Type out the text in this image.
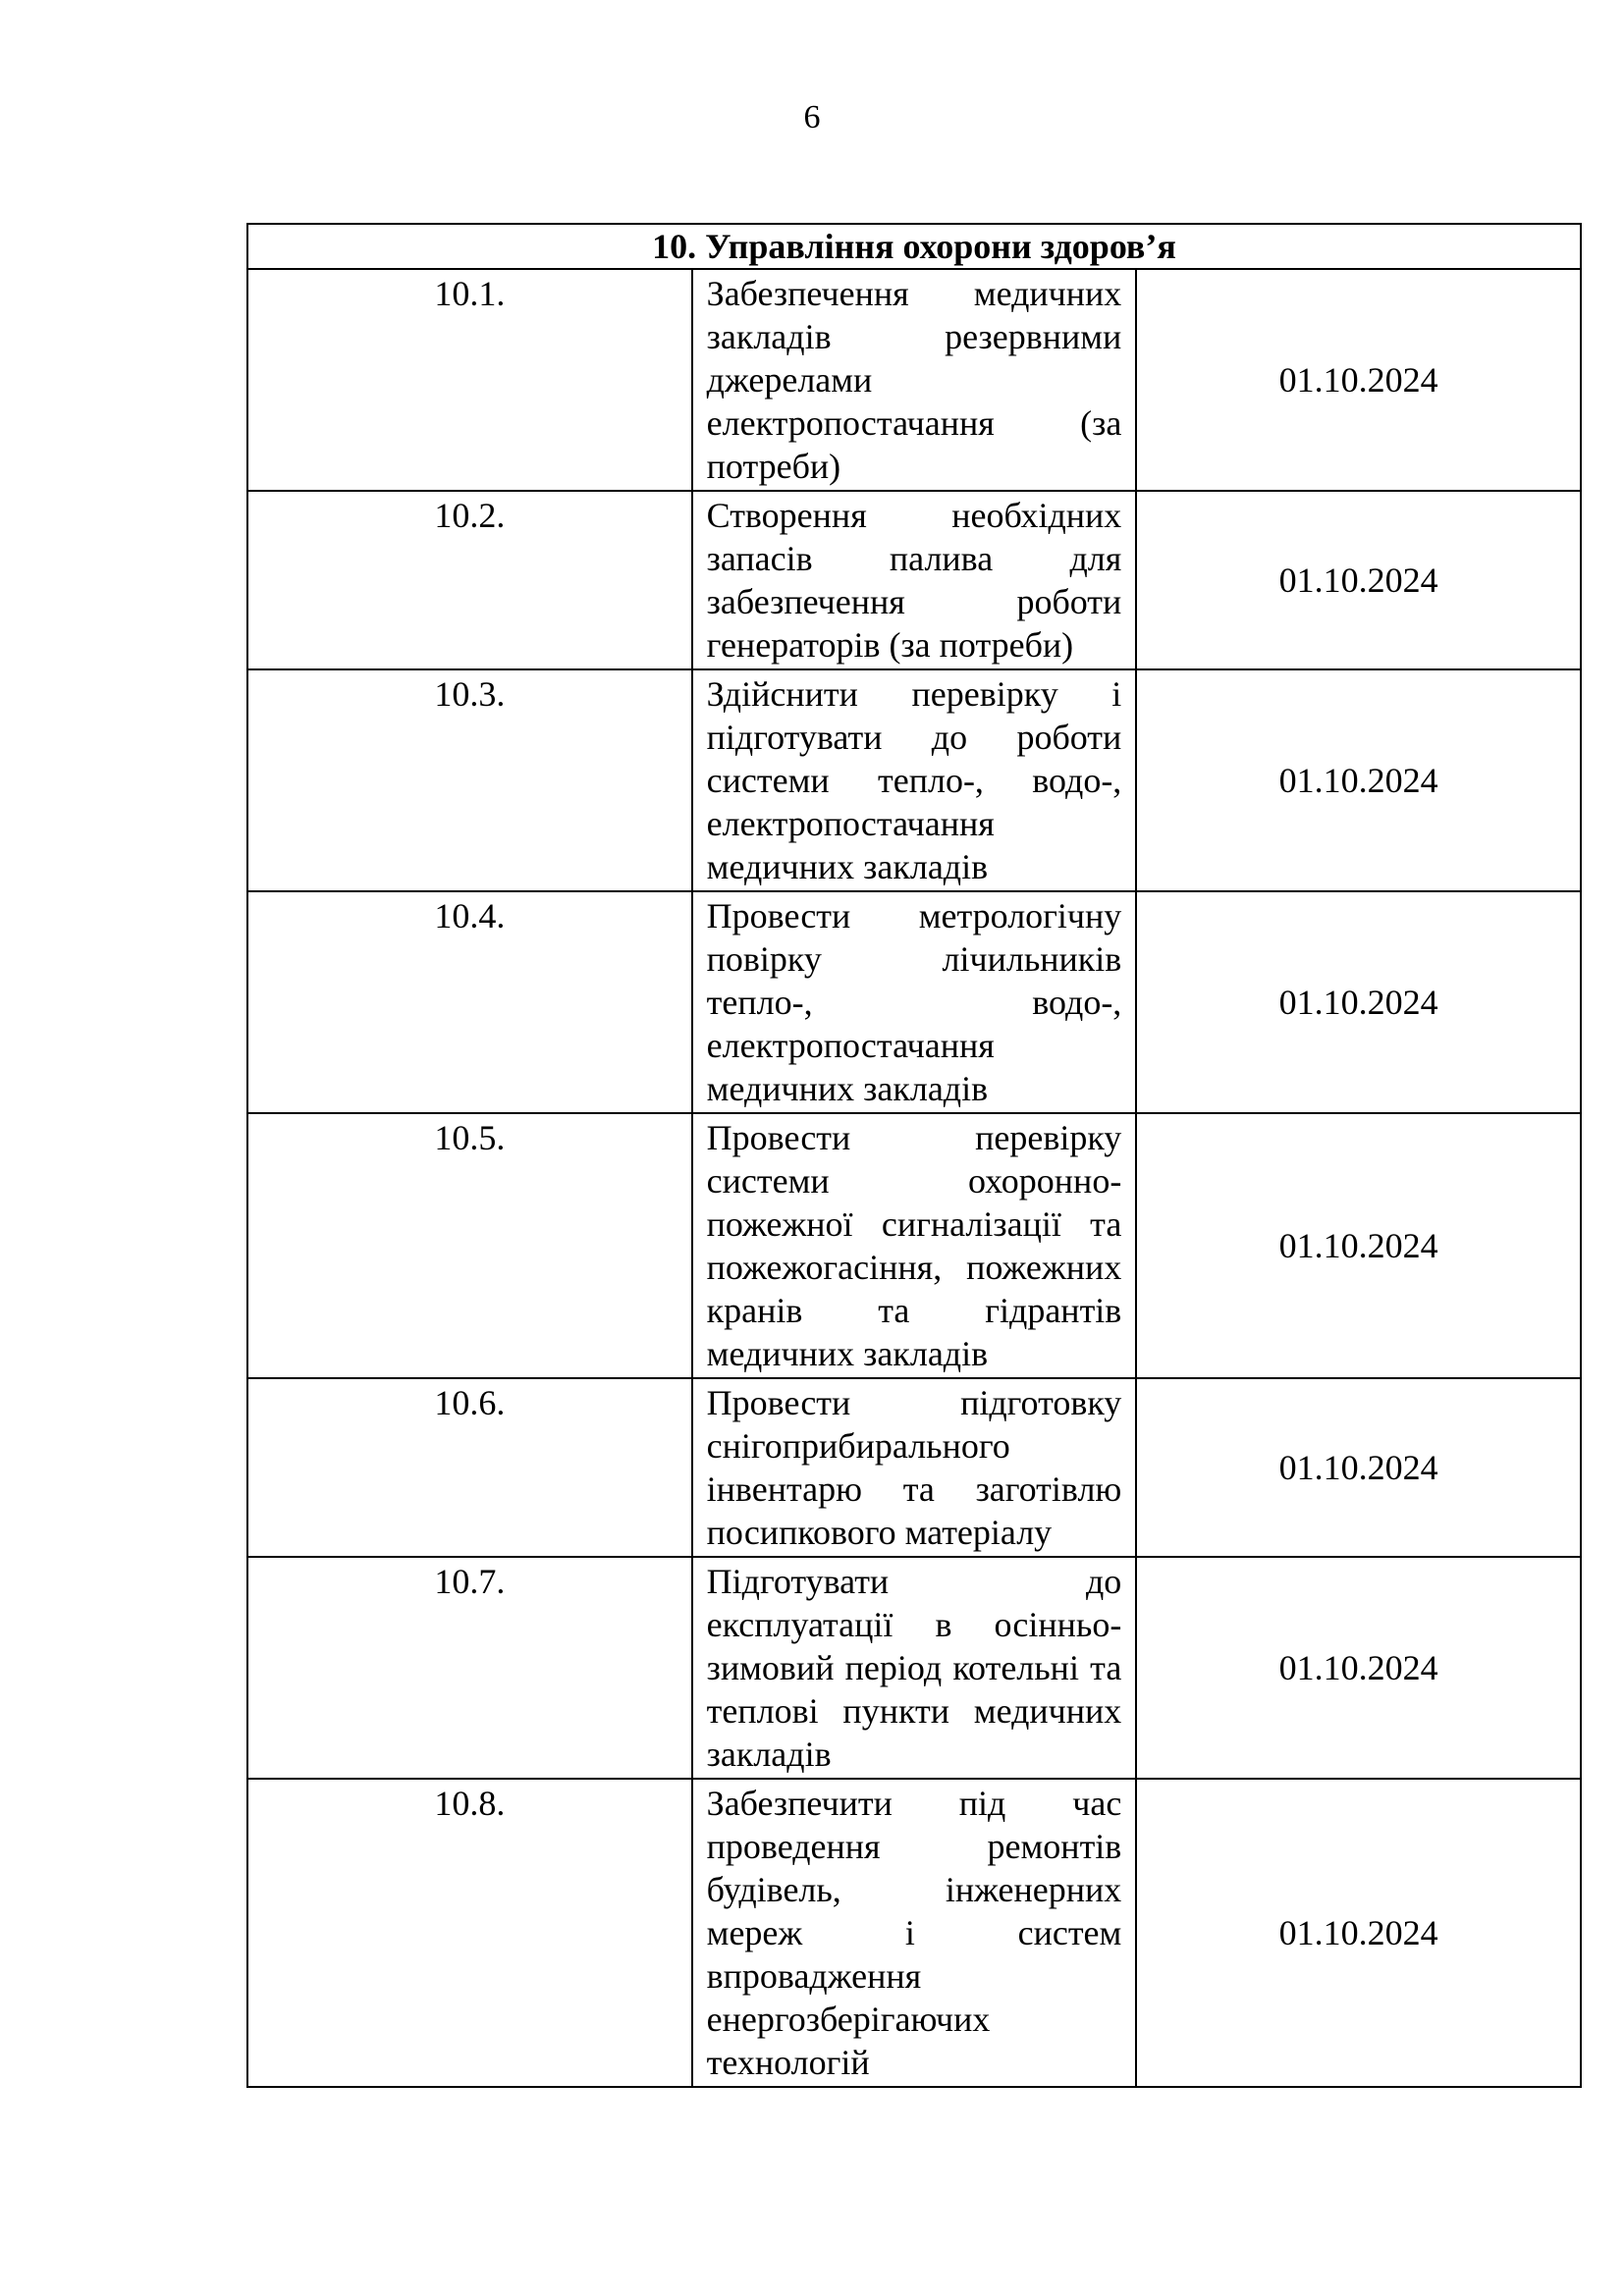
6
10. Управління охорони здоров’я		
10.1.	Забезпечення медичних закладів резервними джерелами електропостачання (за потреби)	01.10.2024
10.2.	Створення необхідних запасів палива для забезпечення роботи генераторів (за потреби)	01.10.2024
10.3.	Здійснити перевірку і підготувати до роботи системи тепло-, водо-, електропостачання медичних закладів	01.10.2024
10.4.	Провести метрологічну повірку лічильників тепло-, водо-, електропостачання медичних закладів	01.10.2024
10.5.	Провести перевірку системи охоронно-пожежної сигналізації та пожежогасіння, пожежних кранів та гідрантів медичних закладів	01.10.2024
10.6.	Провести підготовку снігоприбирального інвентарю та заготівлю посипкового матеріалу	01.10.2024
10.7.	Підготувати до експлуатації в осінньо-зимовий період котельні та теплові пункти медичних закладів	01.10.2024
10.8.	Забезпечити під час проведення ремонтів будівель, інженерних мереж і систем впровадження енергозберігаючих технологій	01.10.2024
